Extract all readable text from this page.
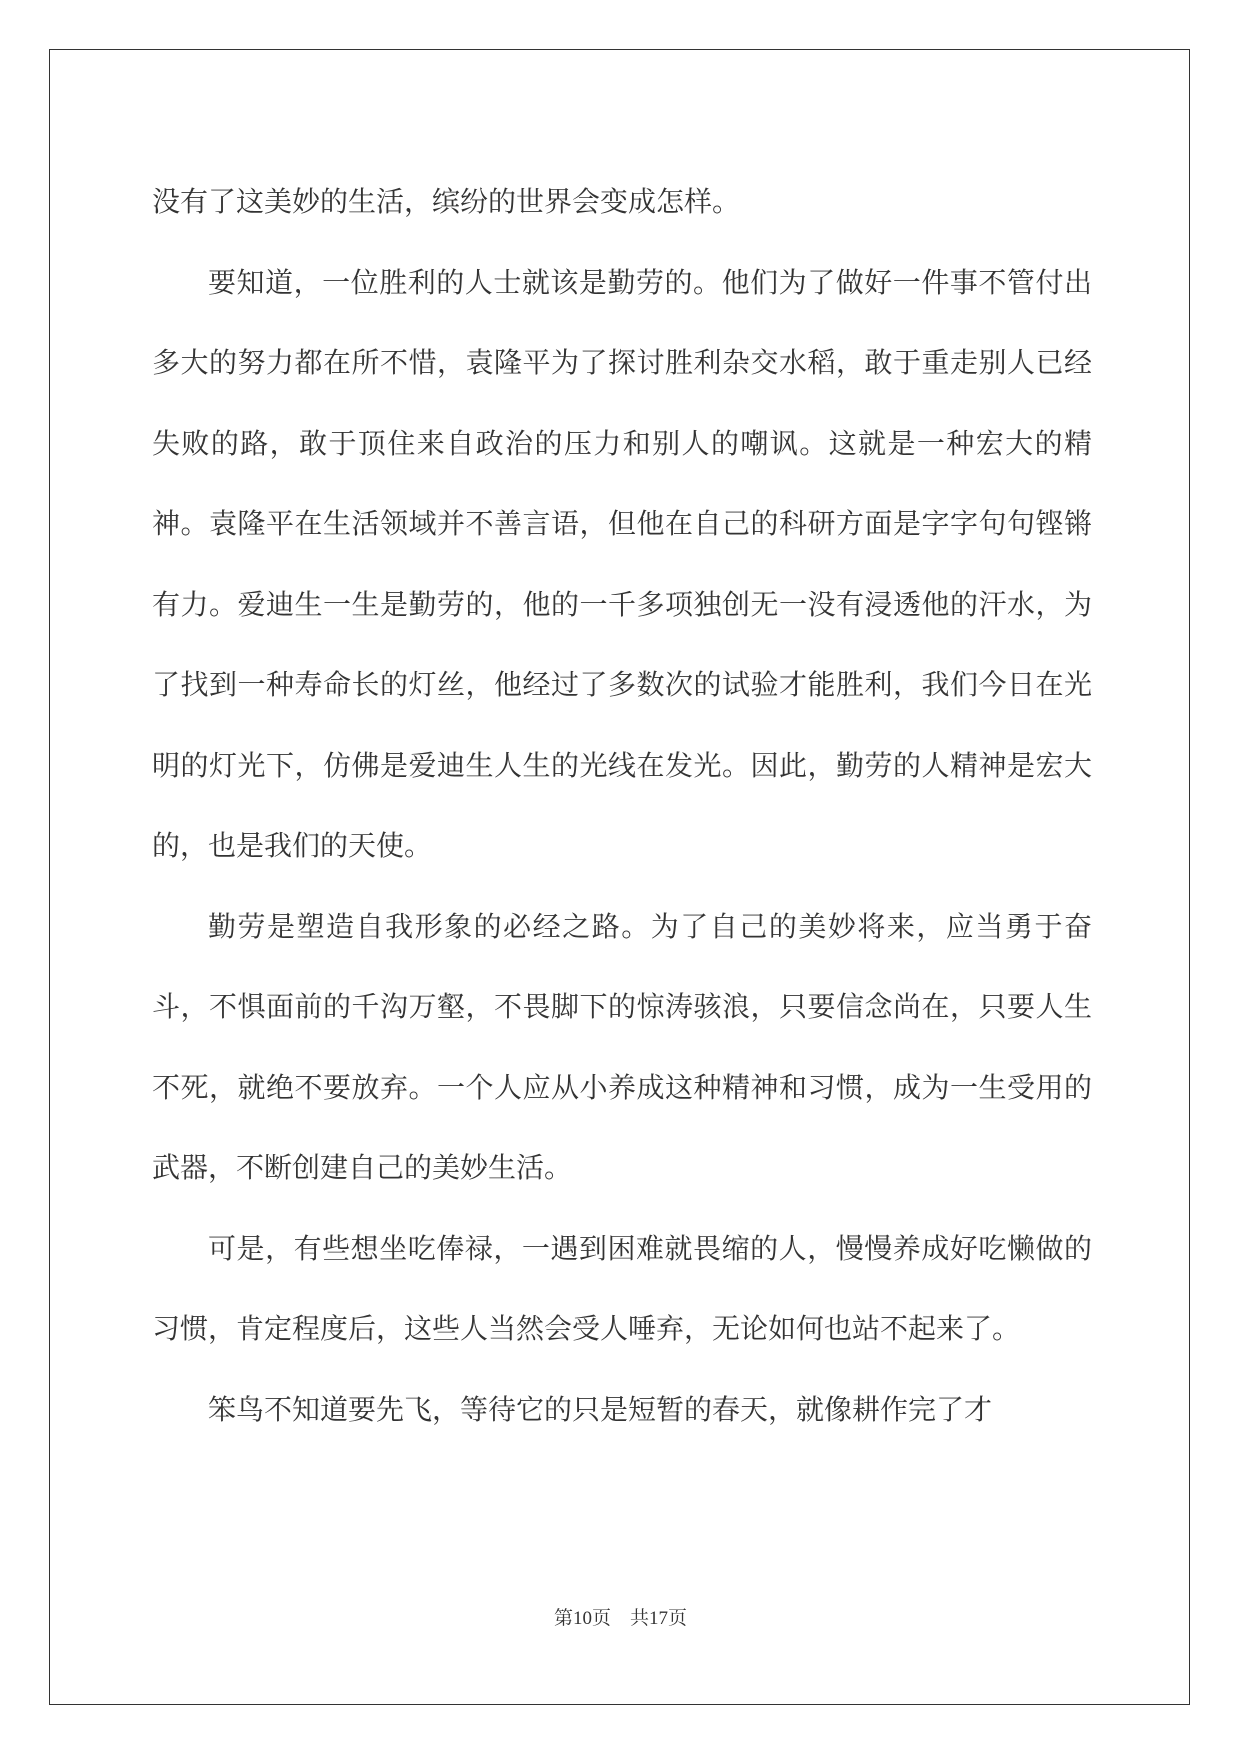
没有了这美妙的生活，缤纷的世界会变成怎样。

要知道，一位胜利的人士就该是勤劳的。他们为了做好一件事不管付出多大的努力都在所不惜，袁隆平为了探讨胜利杂交水稻，敢于重走别人已经失败的路，敢于顶住来自政治的压力和别人的嘲讽。这就是一种宏大的精神。袁隆平在生活领域并不善言语，但他在自己的科研方面是字字句句铿锵有力。爱迪生一生是勤劳的，他的一千多项独创无一没有浸透他的汗水，为了找到一种寿命长的灯丝，他经过了多数次的试验才能胜利，我们今日在光明的灯光下，仿佛是爱迪生人生的光线在发光。因此，勤劳的人精神是宏大的，也是我们的天使。

勤劳是塑造自我形象的必经之路。为了自己的美妙将来，应当勇于奋斗，不惧面前的千沟万壑，不畏脚下的惊涛骇浪，只要信念尚在，只要人生不死，就绝不要放弃。一个人应从小养成这种精神和习惯，成为一生受用的武器，不断创建自己的美妙生活。

可是，有些想坐吃俸禄，一遇到困难就畏缩的人，慢慢养成好吃懒做的习惯，肯定程度后，这些人当然会受人唾弃，无论如何也站不起来了。

笨鸟不知道要先飞，等待它的只是短暂的春天，就像耕作完了才

第10页　共17页
